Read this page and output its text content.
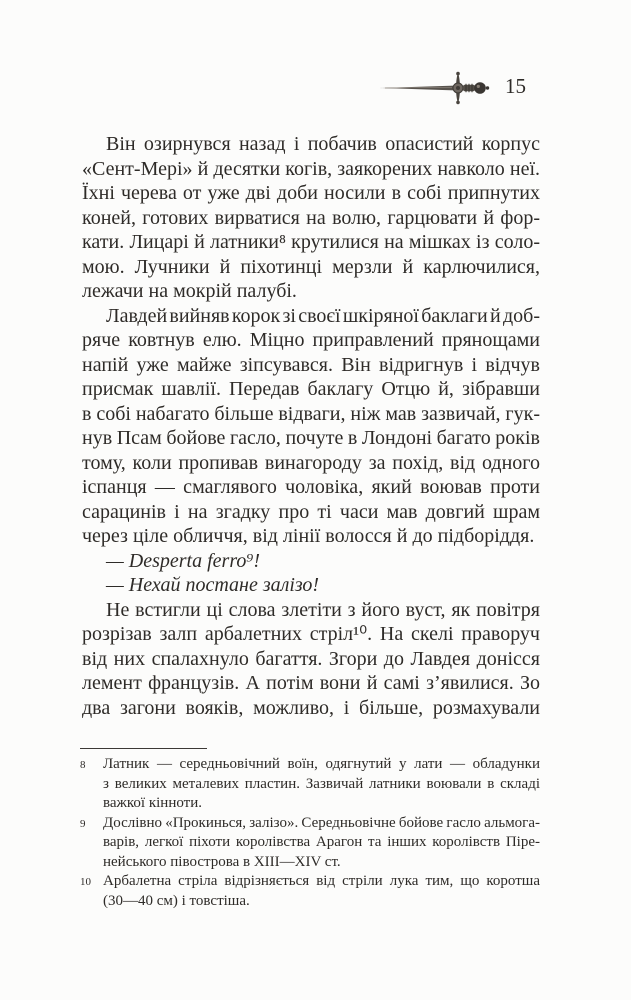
15
Він озирнувся назад і побачив опасистий корпус
«Сент-Мері» й десятки когів, заякорених навколо неї.
Їхні черева от уже дві доби носили в собі припнутих
коней, готових вирватися на волю, гарцювати й фор-
кати. Лицарі й латники⁸ крутилися на мішках із соло-
мою. Лучники й піхотинці мерзли й карлючилися,
лежачи на мокрій палубі.
Лавдей вийняв корок зі своєї шкіряної баклаги й доб-
ряче ковтнув елю. Міцно приправлений прянощами
напій уже майже зіпсувався. Він відригнув і відчув
присмак шавлії. Передав баклагу Отцю й, зібравши
в собі набагато більше відваги, ніж мав зазвичай, гук-
нув Псам бойове гасло, почуте в Лондоні багато років
тому, коли пропивав винагороду за похід, від одного
іспанця — смаглявого чоловіка, який воював проти
сарацинів і на згадку про ті часи мав довгий шрам
через ціле обличчя, від лінії волосся й до підборіддя.
— Desperta ferro⁹!
— Нехай постане залізо!
Не встигли ці слова злетіти з його вуст, як повітря
розрізав залп арбалетних стріл¹⁰. На скелі праворуч
від них спалахнуло багаття. Згори до Лавдея донісся
лемент французів. А потім вони й самі з’явилися. Зо
два загони вояків, можливо, і більше, розмахували
8	Латник — середньовічний воїн, одягнутий у лати — обладунки
з великих металевих пластин. Зазвичай латники воювали в складі
важкої кінноти.
9	Дослівно «Прокинься, залізо». Середньовічне бойове гасло альмога-
варів, легкої піхоти королівства Арагон та інших королівств Піре-
нейського півострова в XIII—XIV ст.
10 Арбалетна стріла відрізняється від стріли лука тим, що коротша
(30—40 см) і товстіша.
